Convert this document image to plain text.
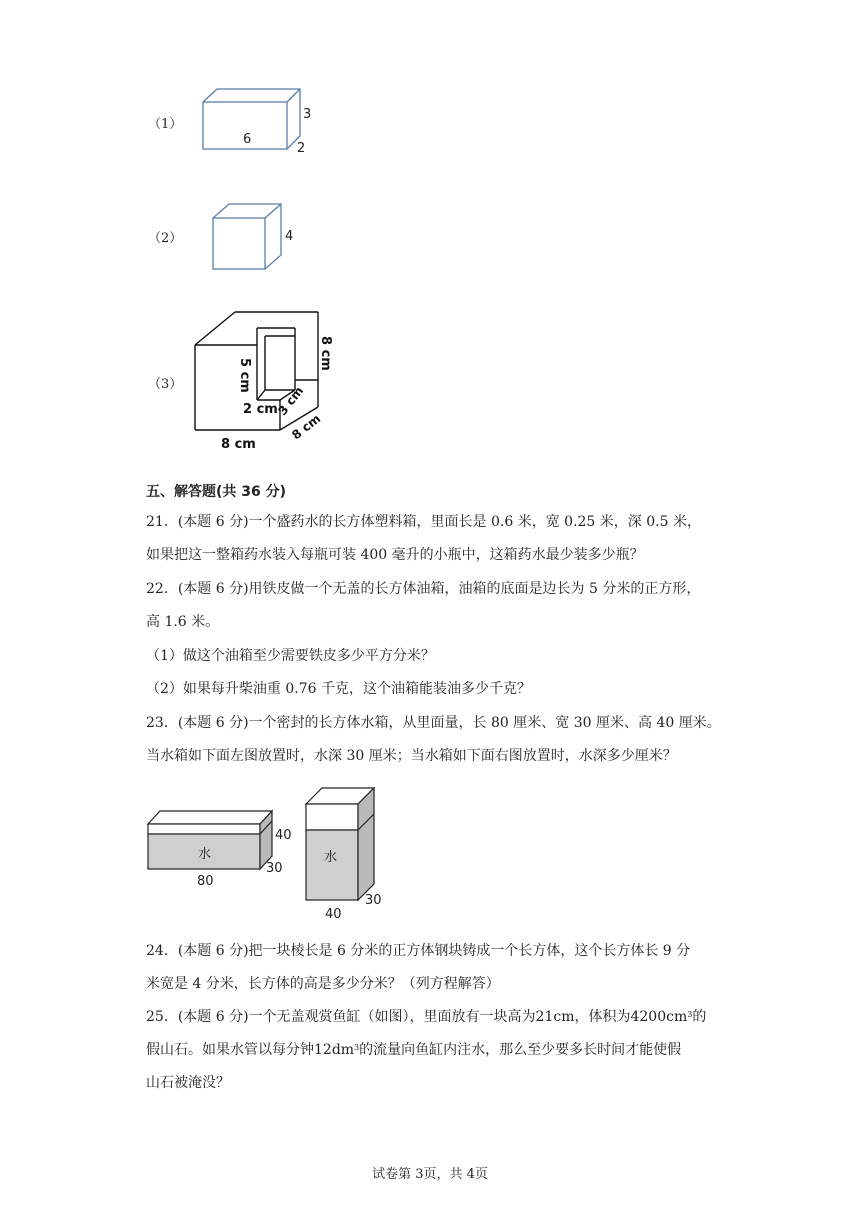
（1）
6
3
2
（2）	4
（3）	5 cm
2 cm
3 cm
8 cm
8 cm
8 cm
五、解答题(共 36 分)
21．(本题 6 分)一个盛药水的长方体塑料箱，里面长是 0.6 米，宽 0.25 米，深 0.5 米，
如果把这一整箱药水装入每瓶可装 400 毫升的小瓶中，这箱药水最少装多少瓶？
22．(本题 6 分)用铁皮做一个无盖的长方体油箱，油箱的底面是边长为 5 分米的正方形，
高 1.6 米。
（1）做这个油箱至少需要铁皮多少平方分米？
（2）如果每升柴油重 0.76 千克，这个油箱能装油多少千克？
23．(本题 6 分)一个密封的长方体水箱，从里面量，长 80 厘米、宽 30 厘米、高 40 厘米。
当水箱如下面左图放置时，水深 30 厘米；当水箱如下面右图放置时，水深多少厘米？
水
40
30
80
水
30
40
24．(本题 6 分)把一块棱长是 6 分米的正方体钢块铸成一个长方体，这个长方体长 9 分
米宽是 4 分米，长方体的高是多少分米？（列方程解答）
25．(本题 6 分)一个无盖观赏鱼缸（如图），里面放有一块高为21cm，体积为$4200cm^3$的
假山石。如果水管以每分钟$12dm^3$的流量向鱼缸内注水，那么至少要多长时间才能使假
山石被淹没？
试卷第 3页，共 4页
